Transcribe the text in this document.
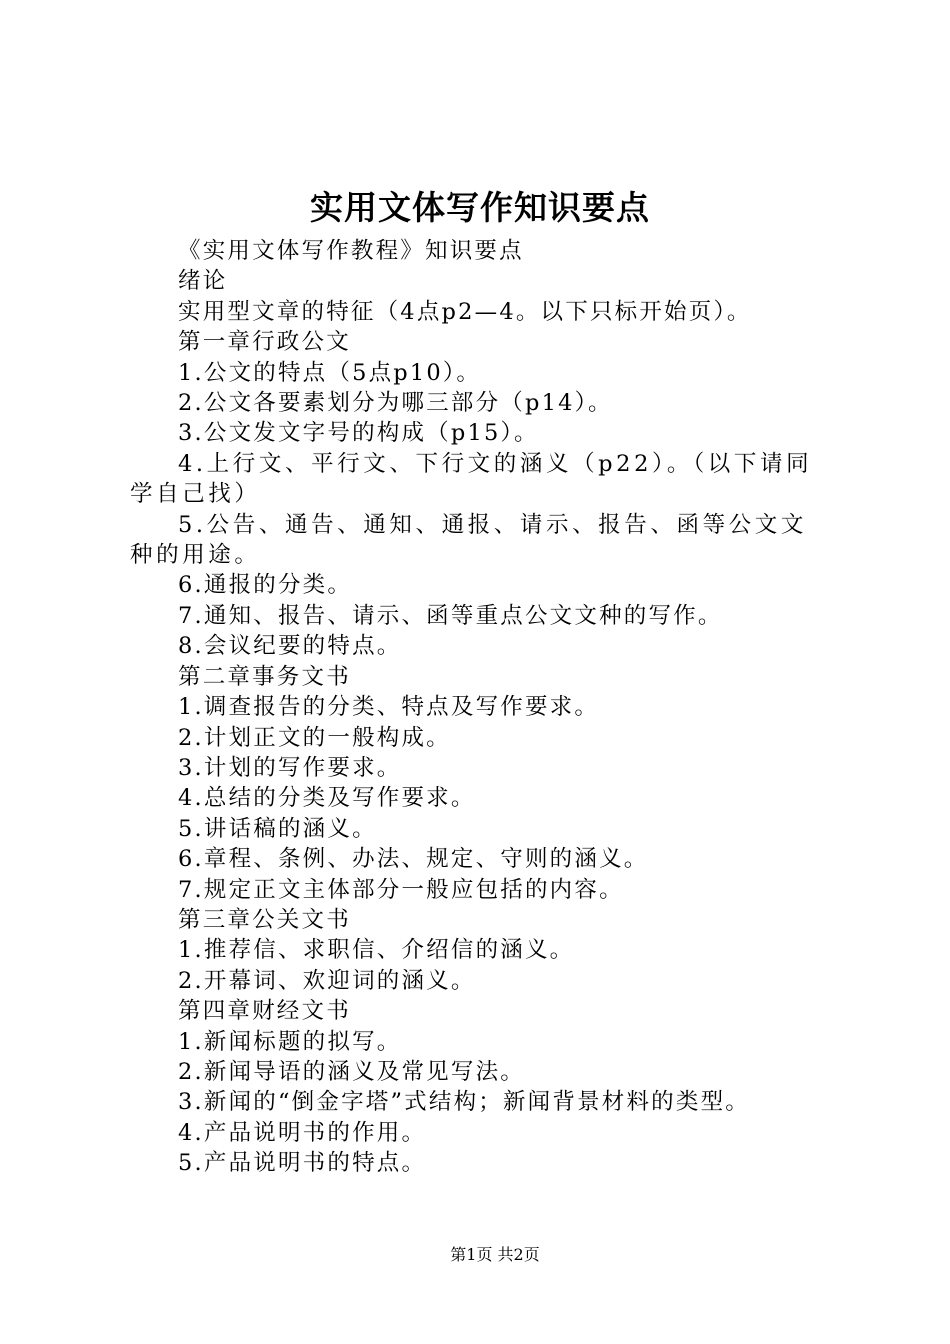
实用文体写作知识要点

《实用文体写作教程》知识要点

绪论

实用型文章的特征（4点p2—4。以下只标开始页）。

第一章行政公文

1.公文的特点（5点p10）。

2.公文各要素划分为哪三部分（p14）。

3.公文发文字号的构成（p15）。

4.上行文、平行文、下行文的涵义（p22）。（以下请同学自己找）

5.公告、通告、通知、通报、请示、报告、函等公文文种的用途。

6.通报的分类。

7.通知、报告、请示、函等重点公文文种的写作。

8.会议纪要的特点。

第二章事务文书

1.调查报告的分类、特点及写作要求。

2.计划正文的一般构成。

3.计划的写作要求。

4.总结的分类及写作要求。

5.讲话稿的涵义。

6.章程、条例、办法、规定、守则的涵义。

7.规定正文主体部分一般应包括的内容。

第三章公关文书

1.推荐信、求职信、介绍信的涵义。

2.开幕词、欢迎词的涵义。

第四章财经文书

1.新闻标题的拟写。

2.新闻导语的涵义及常见写法。

3.新闻的“倒金字塔”式结构；新闻背景材料的类型。

4.产品说明书的作用。

5.产品说明书的特点。

第1页 共2页
